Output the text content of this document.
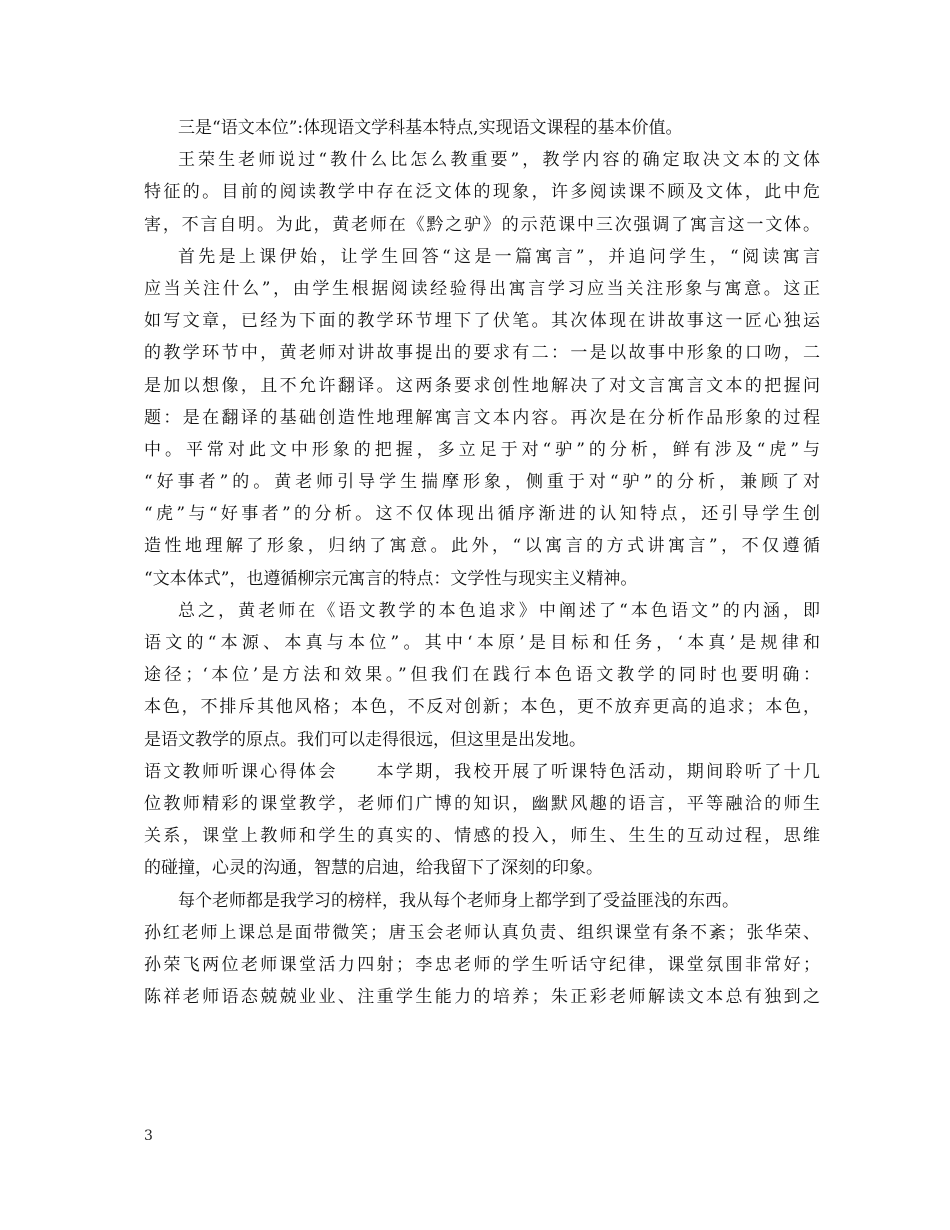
三是“语文本位”:体现语文学科基本特点,实现语文课程的基本价值。
王荣生老师说过“教什么比怎么教重要”，教学内容的确定取决文本的文体
特征的。目前的阅读教学中存在泛文体的现象，许多阅读课不顾及文体，此中危
害，不言自明。为此，黄老师在《黔之驴》的示范课中三次强调了寓言这一文体。
首先是上课伊始，让学生回答“这是一篇寓言”，并追问学生，“阅读寓言
应当关注什么”，由学生根据阅读经验得出寓言学习应当关注形象与寓意。这正
如写文章，已经为下面的教学环节埋下了伏笔。其次体现在讲故事这一匠心独运
的教学环节中，黄老师对讲故事提出的要求有二：一是以故事中形象的口吻，二
是加以想像，且不允许翻译。这两条要求创性地解决了对文言寓言文本的把握问
题：是在翻译的基础创造性地理解寓言文本内容。再次是在分析作品形象的过程
中。平常对此文中形象的把握，多立足于对“驴”的分析，鲜有涉及“虎”与
“好事者”的。黄老师引导学生揣摩形象，侧重于对“驴”的分析，兼顾了对
“虎”与“好事者”的分析。这不仅体现出循序渐进的认知特点，还引导学生创
造性地理解了形象，归纳了寓意。此外，“以寓言的方式讲寓言”，不仅遵循
“文本体式”，也遵循柳宗元寓言的特点：文学性与现实主义精神。
总之，黄老师在《语文教学的本色追求》中阐述了“本色语文”的内涵，即
语文的“本源、本真与本位”。其中‘本原’是目标和任务，‘本真’是规律和
途径；‘本位’是方法和效果。”但我们在践行本色语文教学的同时也要明确：
本色，不排斥其他风格；本色，不反对创新；本色，更不放弃更高的追求；本色，
是语文教学的原点。我们可以走得很远，但这里是出发地。
语文教师听课心得体会　　本学期，我校开展了听课特色活动，期间聆听了十几
位教师精彩的课堂教学，老师们广博的知识，幽默风趣的语言，平等融洽的师生
关系，课堂上教师和学生的真实的、情感的投入，师生、生生的互动过程，思维
的碰撞，心灵的沟通，智慧的启迪，给我留下了深刻的印象。
每个老师都是我学习的榜样，我从每个老师身上都学到了受益匪浅的东西。
孙红老师上课总是面带微笑；唐玉会老师认真负责、组织课堂有条不紊；张华荣、
孙荣飞两位老师课堂活力四射；李忠老师的学生听话守纪律，课堂氛围非常好；
陈祥老师语态兢兢业业、注重学生能力的培养；朱正彩老师解读文本总有独到之
3
